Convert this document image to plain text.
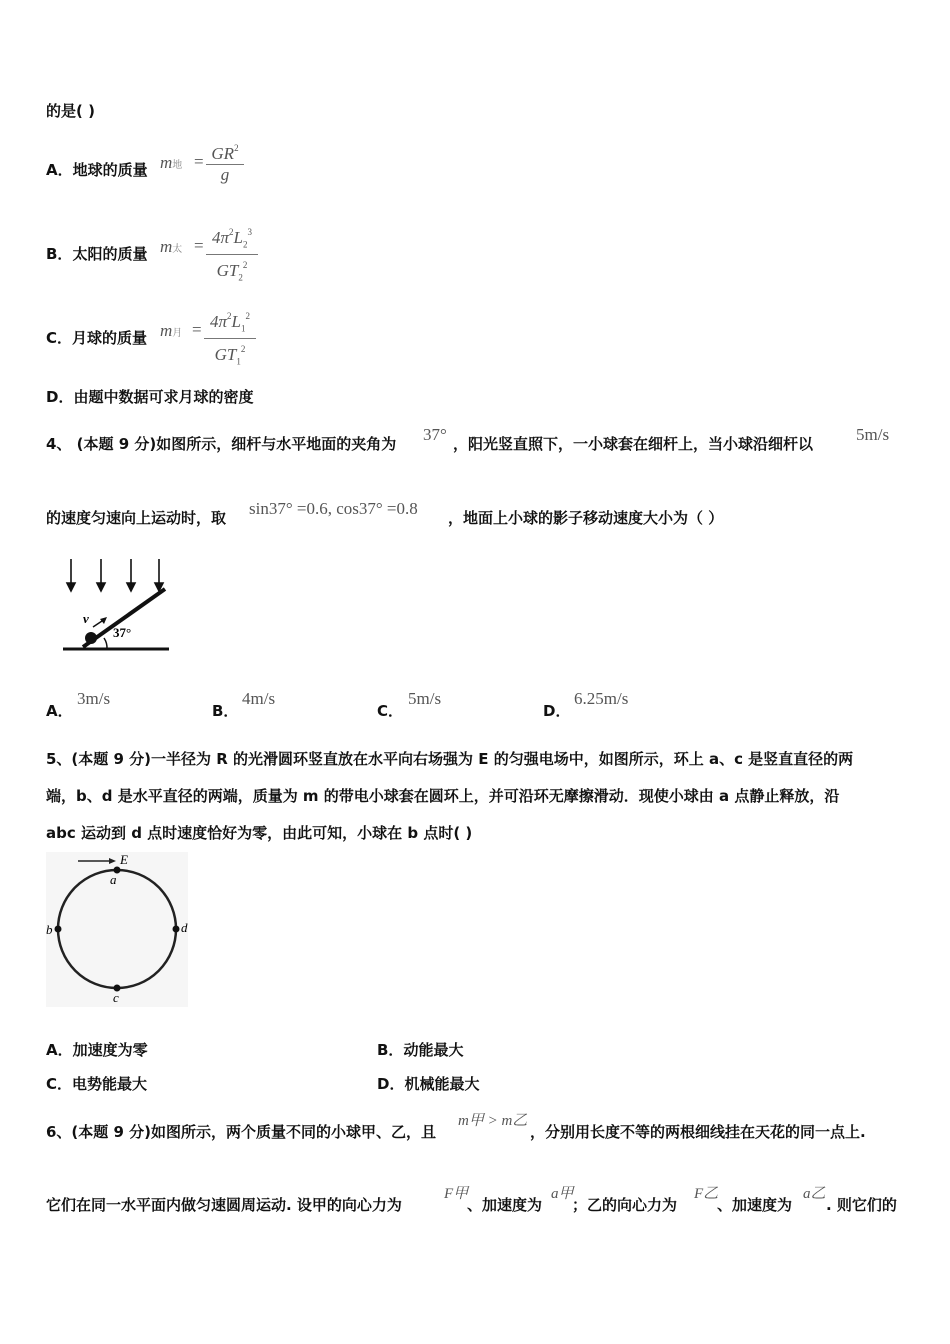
的是( )
A．地球的质量 m地 = $GR^2$
g
B．太阳的质量 m太 = $4\pi^2L_2^3$
$GT_2^2$
C．月球的质量 m月 = $4\pi^2L_1^2$
$GT_1^2$
D．由题中数据可求月球的密度
4、 (本题 9 分)如图所示，细杆与水平地面的夹角为 37° ，阳光竖直照下，一小球套在细杆上，当小球沿细杆以	5m/s
的速度匀速向上运动时，取 sin37° =0.6, cos37° =0.8 ，地面上小球的影子移动速度大小为（ ）
v
37°
A．
3m/s
B．
4m/s
C．
5m/s
D．
6.25m/s
5、(本题 9 分)一半径为 R 的光滑圆环竖直放在水平向右场强为 E 的匀强电场中，如图所示，环上 a、c 是竖直直径的两
端，b、d 是水平直径的两端，质量为 m 的带电小球套在圆环上，并可沿环无摩擦滑动．现使小球由 a 点静止释放，沿
abc 运动到 d 点时速度恰好为零，由此可知，小球在 b 点时( )
E
a
b
c
d
A．加速度为零	B．动能最大
C．电势能最大	D．机械能最大
6、(本题 9 分)如图所示，两个质量不同的小球甲、乙，且
m甲 > m乙
，分别用长度不等的两根细线挂在天花的同一点上.
它们在同一水平面内做匀速圆周运动. 设甲的向心力为
F甲
、加速度为
a甲
；乙的向心力为
F乙
、加速度为
a乙
. 则它们的
